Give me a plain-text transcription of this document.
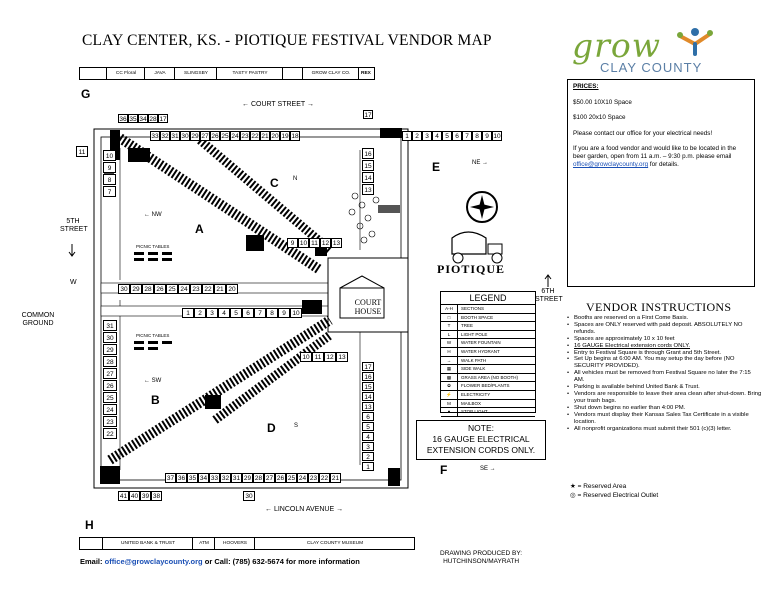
CLAY CENTER, KS. - PIOTIQUE FESTIVAL VENDOR MAP grow
CLAY COUNTY
CC Floral	JAVA	SLINGSBY	TASTY PASTRY	GROW CLAY CO.	REX
G
A
B
C
D
E
F
H
← COURT STREET →
← LINCOLN AVENUE →
5TH STREET
6TH STREET
COMMON GROUND
W
N
S
← NW
← SW
NE →
SE →
PICNIC TABLES
PICNIC TABLES
COURT
HOUSE
PIOTIQUE
36 35 34 28 17
33 32 31 30 29 27 26 25 24 23 22 21 20 19 18	1 2 3 4 5 6 7 8 9 10
16
15
14
13
10
9
8
7
11
9 10 11 12 13
30 29 28 26 25 24 23 22 21 20
1	2	3	4	5	6	7	8	9	10
31
30
29
28
27
26
25
24
23
22
10 11 12 13
17
16
15
14
13
6
5
4
3
2
1
17
37 36 35 34 33 32 31 29 28 27 26 25 24 23 22 21
41 40 39 38	30
LEGEND
A-H	SECTIONS
□	BOOTH SPACE
T	TREE
L	LIGHT POLE
W	WATER FOUNTAIN
H	WATER HYDRANT
→	WALK PATH
▦	SIDE WALK
▩	GRASS AREA (NO BOOTH)
✿	FLOWER BED/PLANTS
⚡	ELECTRICITY
M	MAILBOX
●	STOP LIGHT
NOTE:
16 GAUGE ELECTRICAL
EXTENSION CORDS ONLY.

PRICES:

$50.00 10X10 Space

$100 20x10 Space

Please contact our office for your electrical needs!

If you are a food vendor and would like to be located in the beer garden, open from 11 a.m. – 9:30 p.m. please email office@growclaycounty.org for details.

VENDOR INSTRUCTIONS
• Booths are reserved on a First Come Basis.
• Spaces are ONLY reserved with paid deposit. ABSOLUTELY NO refunds.
• Spaces are approximately 10 x 10 feet
• 16 GAUGE Electrical extension cords ONLY.
• Entry to Festival Square is through Grant and 5th Street.
• Set Up begins at 6:00 AM. You may setup the day before (NO SECURITY PROVIDED).
• All vehicles must be removed from Festival Square no later the 7:15 AM.
• Parking is available behind United Bank & Trust.
• Vendors are responsible to leave their area clean after shut-down. Bring your trash bags.
• Shut down begins no earlier than 4:00 PM.
• Vendors must display their Kansas Sales Tax Certificate in a visible location.
• All nonprofit organizations must submit their 501 (c)(3) letter.
★ = Reserved Area
◎ = Reserved Electrical Outlet
UNITED BANK & TRUST	ATM	HOOVERS	CLAY COUNTY MUSEUM
Email: office@growclaycounty.org or Call: (785) 632-5674 for more information
DRAWING PRODUCED BY:
HUTCHINSON/MAYRATH
